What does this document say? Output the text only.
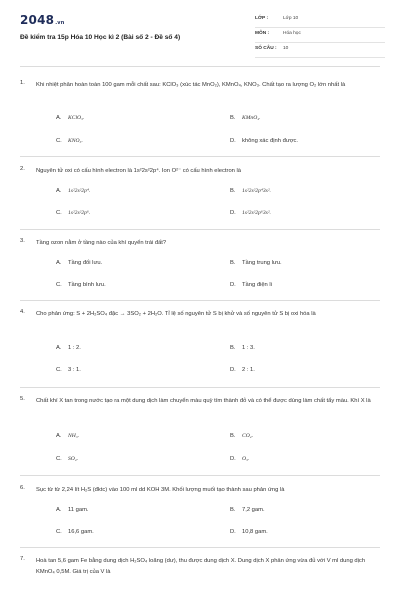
2048.vn
Đề kiểm tra 15p Hóa 10 Học kì 2 (Bài số 2 - Đề số 4)
LỚP :	Lớp 10
MÔN :	Hóa học
SỐ CÂU : 10
1. Khi nhiệt phân hoàn toàn 100 gam mỗi chất sau: KClO₃ (xúc tác MnO₂), KMnO₄, KNO₃. Chất tạo ra lượng O₂ lớn nhất là
A. KClO₃.	B. KMnO₄.
C. KNO₃.	D. không xác định được.
2. Nguyên tử oxi có cấu hình electron là 1s²2s²2p⁴. Ion O²⁻ có cấu hình electron là
A. 1s²2s²2p⁴.	B. 1s²2s²2p⁴3s².
C. 1s²2s²2p⁶.	D. 1s²2s²2p⁶3s².
3. Tầng ozon nằm ở tầng nào của khí quyển trái đất?
A. Tầng đối lưu.	B. Tầng trung lưu.
C. Tầng bình lưu.	D. Tầng điện li
4. Cho phản ứng: S + 2H₂SO₄ đặc → 3SO₂ + 2H₂O. Tỉ lệ số nguyên tử S bị khử và số nguyên tử S bị oxi hóa là
A. 1 : 2.	B. 1 : 3.
C. 3 : 1.	D. 2 : 1.
5. Chất khí X tan trong nước tạo ra một dung dịch làm chuyển màu quỳ tím thành đỏ và có thể được dùng làm chất tẩy màu. Khí X là
A. NH₃.	B. CO₂.
C. SO₂.	D. O₃.
6. Sục từ từ 2,24 lít H₂S (đktc) vào 100 ml dd KOH 3M. Khối lượng muối tạo thành sau phản ứng là
A. 11 gam.	B. 7,2 gam.
C. 16,6 gam.	D. 10,8 gam.
7. Hoà tan 5,6 gam Fe bằng dung dịch H₂SO₄ loãng (dư), thu được dung dịch X. Dung dịch X phản ứng vừa đủ với V ml dung dịch KMnO₄ 0,5M. Giá trị của V là
